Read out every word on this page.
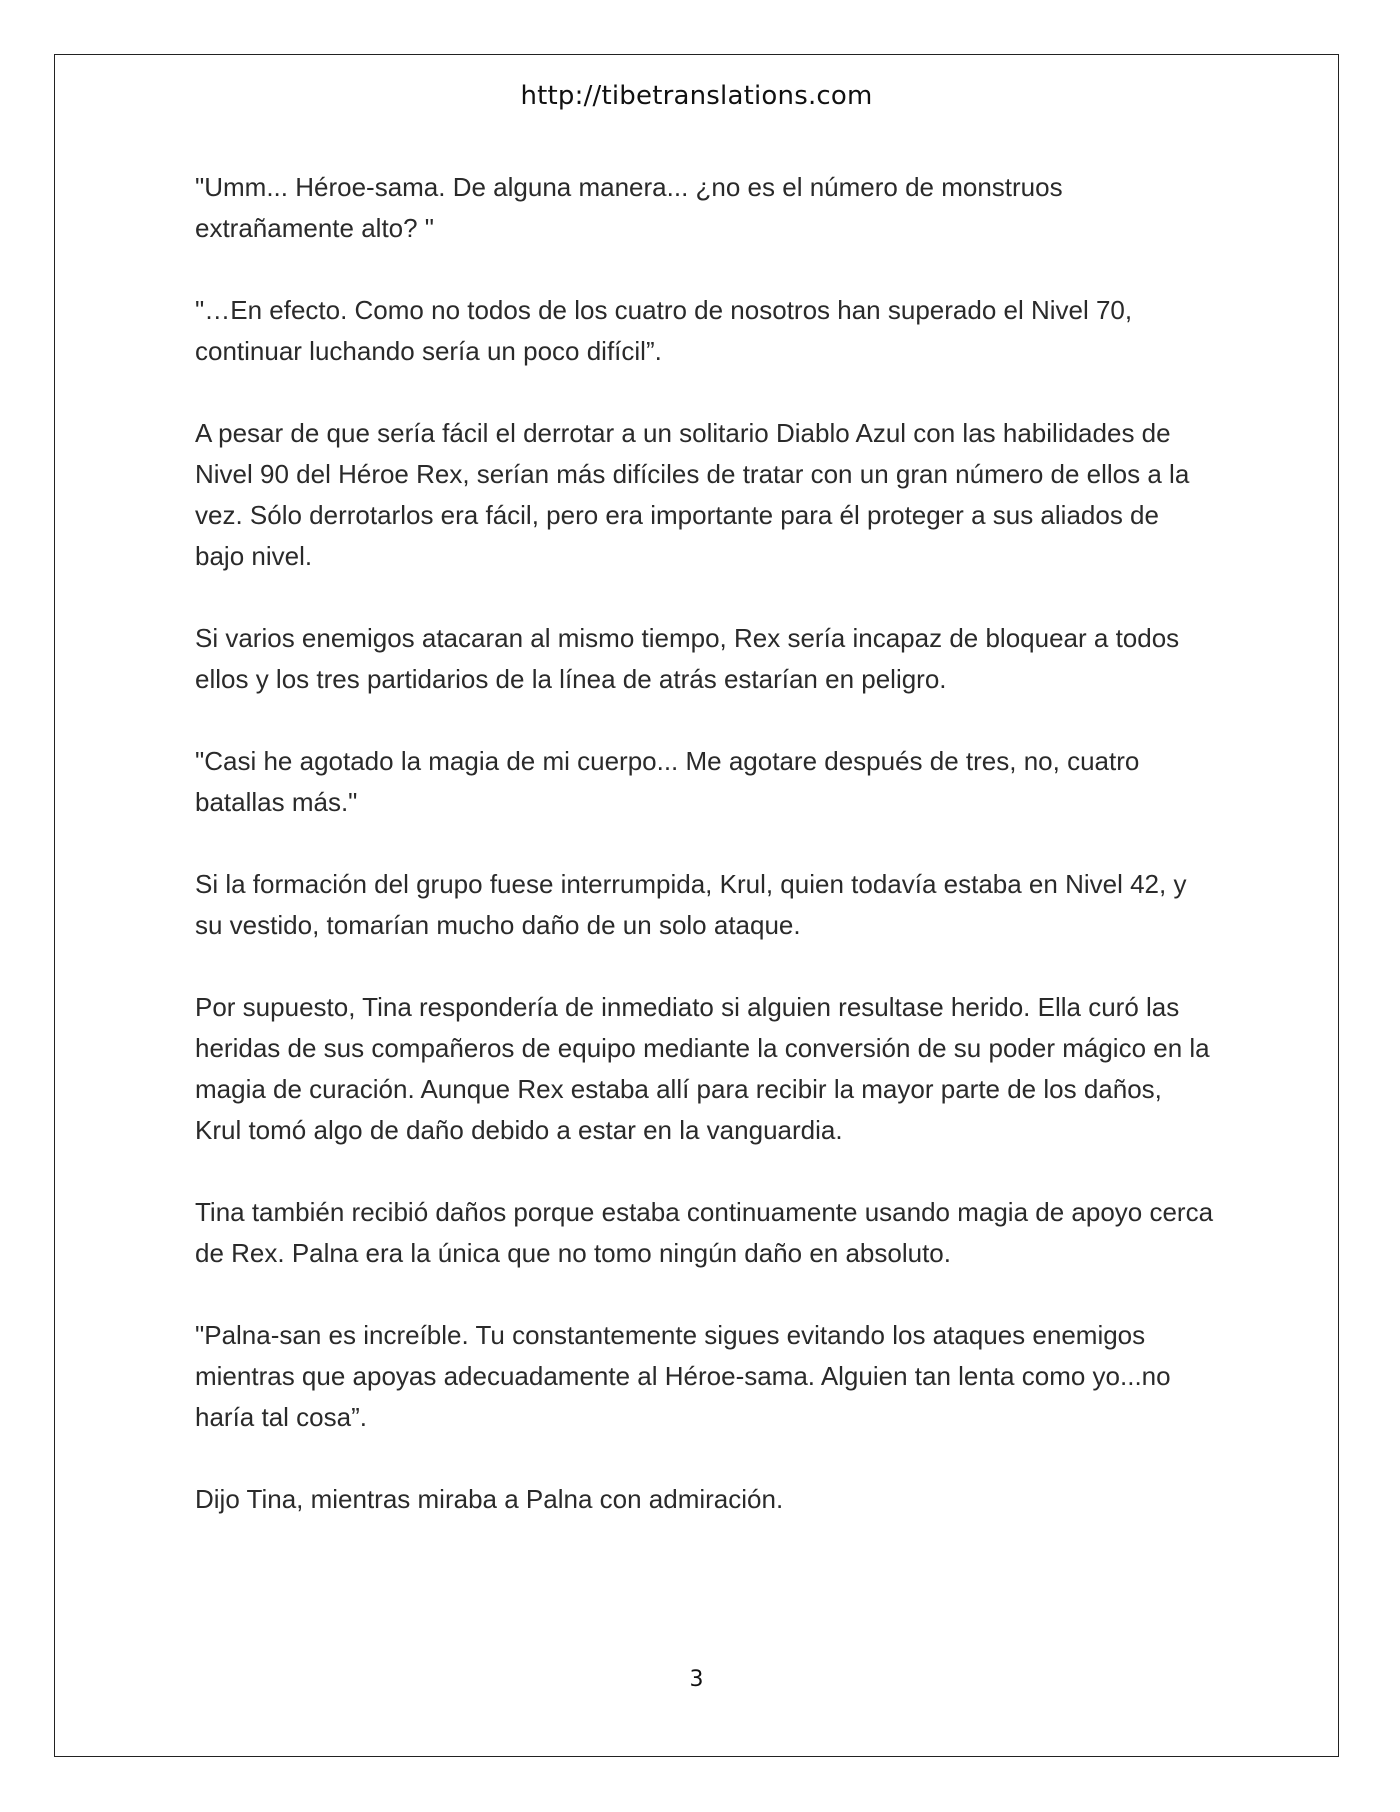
http://tibetranslations.com

"Umm... Héroe-sama. De alguna manera... ¿no es el número de monstruos extrañamente alto? "

"…En efecto. Como no todos de los cuatro de nosotros han superado el Nivel 70, continuar luchando sería un poco difícil”.

A pesar de que sería fácil el derrotar a un solitario Diablo Azul con las habilidades de Nivel 90 del Héroe Rex, serían más difíciles de tratar con un gran número de ellos a la vez. Sólo derrotarlos era fácil, pero era importante para él proteger a sus aliados de bajo nivel.

Si varios enemigos atacaran al mismo tiempo, Rex sería incapaz de bloquear a todos ellos y los tres partidarios de la línea de atrás estarían en peligro.

"Casi he agotado la magia de mi cuerpo... Me agotare después de tres, no, cuatro batallas más."

Si la formación del grupo fuese interrumpida, Krul, quien todavía estaba en Nivel 42, y su vestido, tomarían mucho daño de un solo ataque.

Por supuesto, Tina respondería de inmediato si alguien resultase herido. Ella curó las heridas de sus compañeros de equipo mediante la conversión de su poder mágico en la magia de curación. Aunque Rex estaba allí para recibir la mayor parte de los daños, Krul tomó algo de daño debido a estar en la vanguardia.

Tina también recibió daños porque estaba continuamente usando magia de apoyo cerca de Rex. Palna era la única que no tomo ningún daño en absoluto.

"Palna-san es increíble. Tu constantemente sigues evitando los ataques enemigos mientras que apoyas adecuadamente al Héroe-sama. Alguien tan lenta como yo...no haría tal cosa”.

Dijo Tina, mientras miraba a Palna con admiración.

3
